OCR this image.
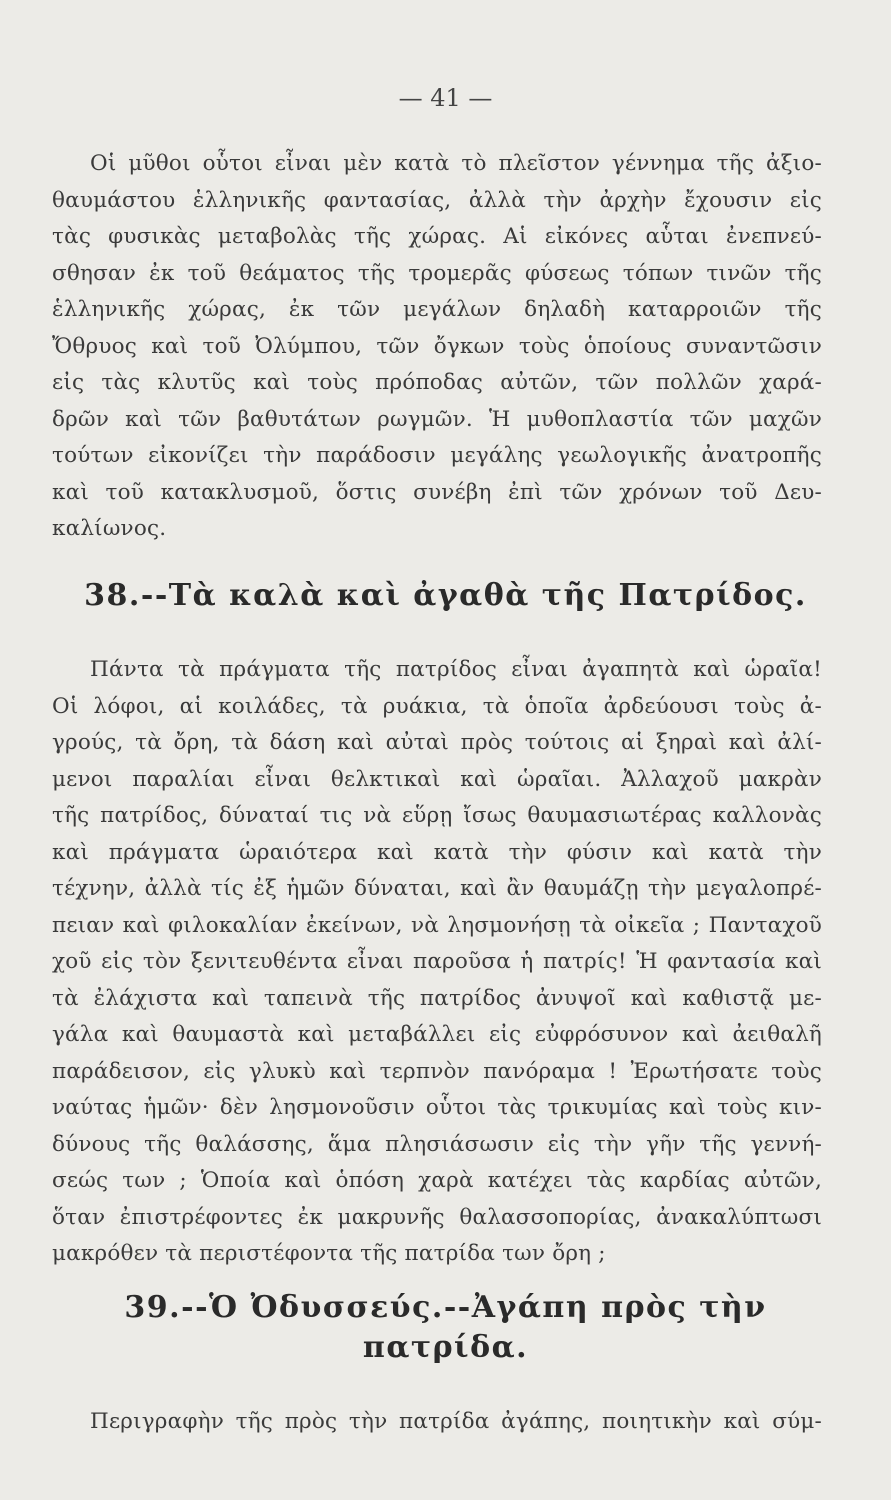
— 41 —
Οἱ μῦθοι οὗτοι εἶναι μὲν κατὰ τὸ πλεῖστον γέννημα τῆς ἀξιο-
θαυμάστου ἑλληνικῆς φαντασίας, ἀλλὰ τὴν ἀρχὴν ἔχουσιν εἰς
τὰς φυσικὰς μεταβολὰς τῆς χώρας. Αἱ εἰκόνες αὗται ἐνεπνεύ-
σθησαν ἐκ τοῦ θεάματος τῆς τρομερᾶς φύσεως τόπων τινῶν τῆς
ἑλληνικῆς χώρας, ἐκ τῶν μεγάλων δηλαδὴ καταρροιῶν τῆς
Ὄθρυος καὶ τοῦ Ὀλύμπου, τῶν ὄγκων τοὺς ὁποίους συναντῶσιν
εἰς τὰς κλυτῦς καὶ τοὺς πρόποδας αὐτῶν, τῶν πολλῶν χαρά-
δρῶν καὶ τῶν βαθυτάτων ρωγμῶν. Ἡ μυθοπλαστία τῶν μαχῶν
τούτων εἰκονίζει τὴν παράδοσιν μεγάλης γεωλογικῆς ἀνατροπῆς
καὶ τοῦ κατακλυσμοῦ, ὅστις συνέβη ἐπὶ τῶν χρόνων τοῦ Δευ-
καλίωνος.
38.--Τὰ καλὰ καὶ ἀγαθὰ τῆς Πατρίδος.
Πάντα τὰ πράγματα τῆς πατρίδος εἶναι ἀγαπητὰ καὶ ὡραῖα!
Οἱ λόφοι, αἱ κοιλάδες, τὰ ρυάκια, τὰ ὁποῖα ἀρδεύουσι τοὺς ἀ-
γρούς, τὰ ὄρη, τὰ δάση καὶ αὐταὶ πρὸς τούτοις αἱ ξηραὶ καὶ ἀλί-
μενοι παραλίαι εἶναι θελκτικαὶ καὶ ὡραῖαι. Ἀλλαχοῦ μακρὰν
τῆς πατρίδος, δύναταί τις νὰ εὕρῃ ἴσως θαυμασιωτέρας καλλονὰς
καὶ πράγματα ὡραιότερα καὶ κατὰ τὴν φύσιν καὶ κατὰ τὴν
τέχνην, ἀλλὰ τίς ἐξ ἡμῶν δύναται, καὶ ἂν θαυμάζῃ τὴν μεγαλοπρέ-
πειαν καὶ φιλοκαλίαν ἐκείνων, νὰ λησμονήσῃ τὰ οἰκεῖα ; Πανταχοῦ
χοῦ εἰς τὸν ξενιτευθέντα εἶναι παροῦσα ἡ πατρίς! Ἡ φαντασία καὶ
τὰ ἐλάχιστα καὶ ταπεινὰ τῆς πατρίδος ἀνυψοῖ καὶ καθιστᾷ με-
γάλα καὶ θαυμαστὰ καὶ μεταβάλλει εἰς εὐφρόσυνον καὶ ἀειθαλῆ
παράδεισον, εἰς γλυκὺ καὶ τερπνὸν πανόραμα ! Ἐρωτήσατε τοὺς
ναύτας ἡμῶν· δὲν λησμονοῦσιν οὗτοι τὰς τρικυμίας καὶ τοὺς κιν-
δύνους τῆς θαλάσσης, ἅμα πλησιάσωσιν εἰς τὴν γῆν τῆς γεννή-
σεώς των ; Ὁποία καὶ ὁπόση χαρὰ κατέχει τὰς καρδίας αὐτῶν,
ὅταν ἐπιστρέφοντες ἐκ μακρυνῆς θαλασσοπορίας, ἀνακαλύπτωσι
μακρόθεν τὰ περιστέφοντα τῆς πατρίδα των ὄρη ;
39.--Ὁ Ὀδυσσεύς.--Ἀγάπη πρὸς τὴν
πατρίδα.
Περιγραφὴν τῆς πρὸς τὴν πατρίδα ἀγάπης, ποιητικὴν καὶ σύμ-
